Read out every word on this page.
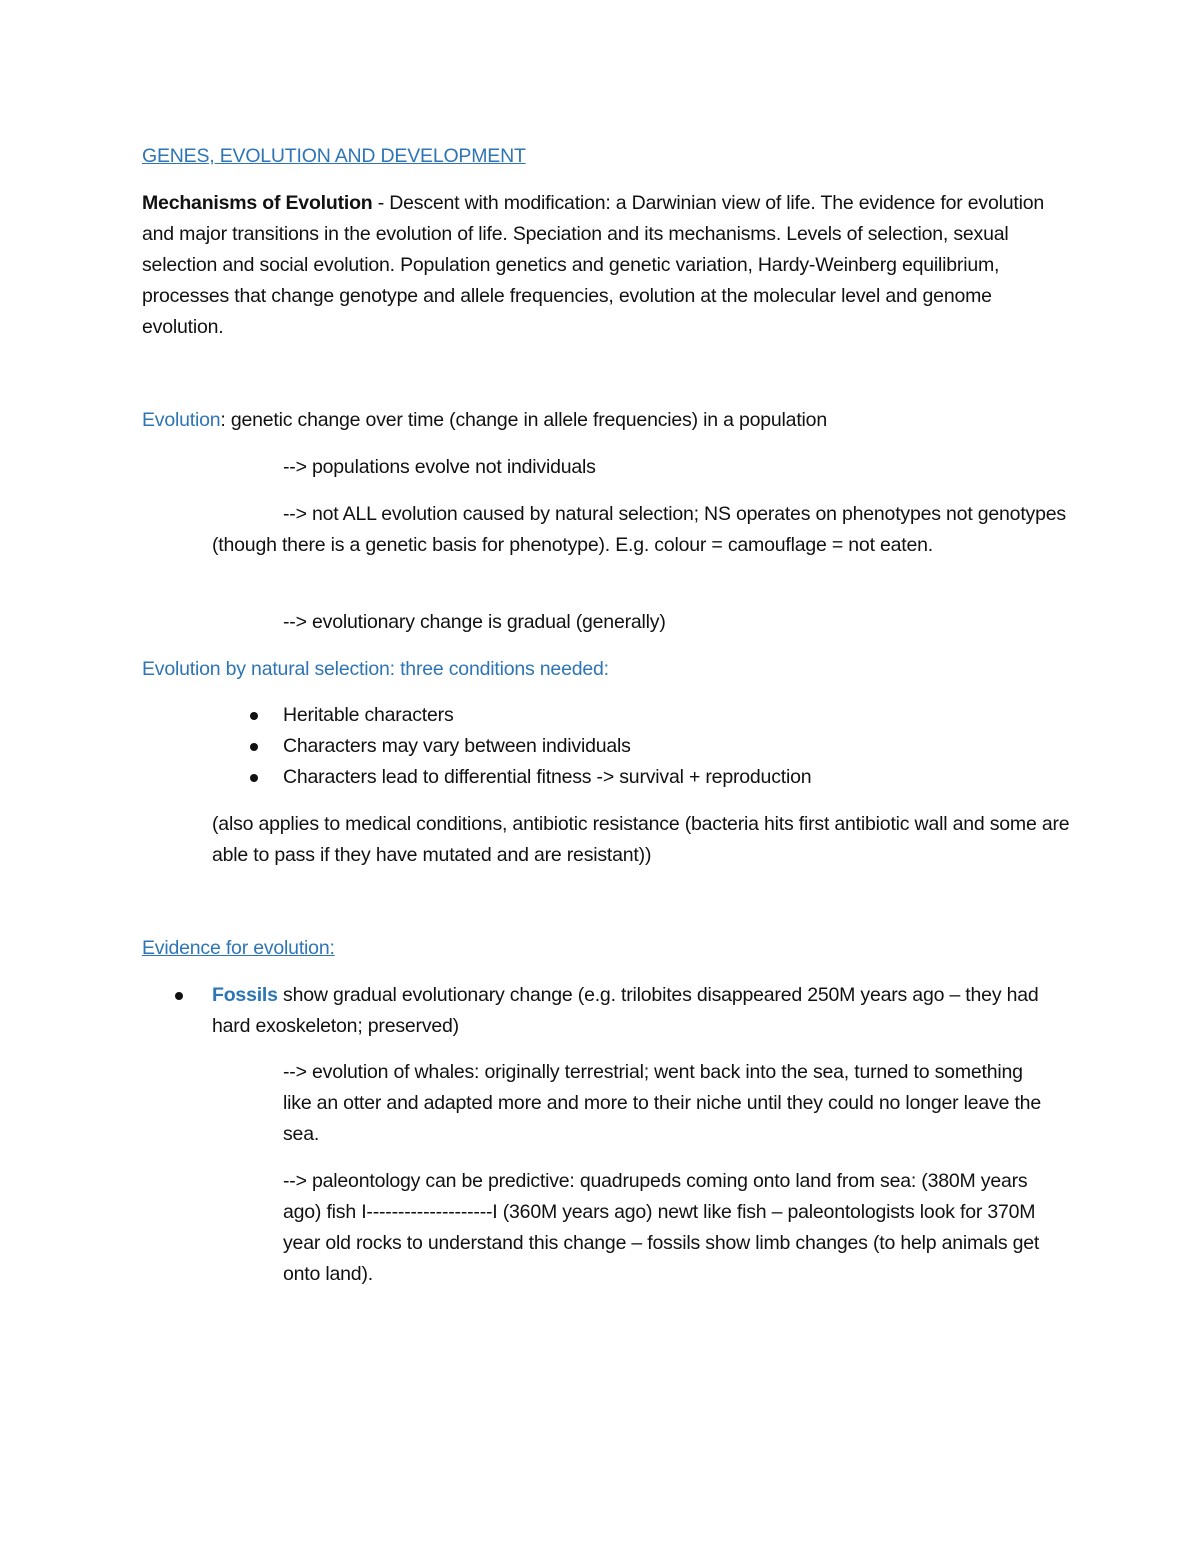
GENES, EVOLUTION AND DEVELOPMENT
Mechanisms of Evolution - Descent with modification: a Darwinian view of life. The evidence for evolution and major transitions in the evolution of life. Speciation and its mechanisms. Levels of selection, sexual selection and social evolution. Population genetics and genetic variation, Hardy-Weinberg equilibrium, processes that change genotype and allele frequencies, evolution at the molecular level and genome evolution.
Evolution: genetic change over time (change in allele frequencies) in a population
--> populations evolve not individuals
--> not ALL evolution caused by natural selection; NS operates on phenotypes not genotypes (though there is a genetic basis for phenotype). E.g. colour = camouflage = not eaten.
--> evolutionary change is gradual (generally)
Evolution by natural selection: three conditions needed:
Heritable characters
Characters may vary between individuals
Characters lead to differential fitness -> survival + reproduction
(also applies to medical conditions, antibiotic resistance (bacteria hits first antibiotic wall and some are able to pass if they have mutated and are resistant))
Evidence for evolution:
Fossils show gradual evolutionary change (e.g. trilobites disappeared 250M years ago – they had hard exoskeleton; preserved)
--> evolution of whales: originally terrestrial; went back into the sea, turned to something like an otter and adapted more and more to their niche until they could no longer leave the sea.
--> paleontology can be predictive: quadrupeds coming onto land from sea: (380M years ago) fish I--------------------I (360M years ago) newt like fish – paleontologists look for 370M year old rocks to understand this change – fossils show limb changes (to help animals get onto land).
